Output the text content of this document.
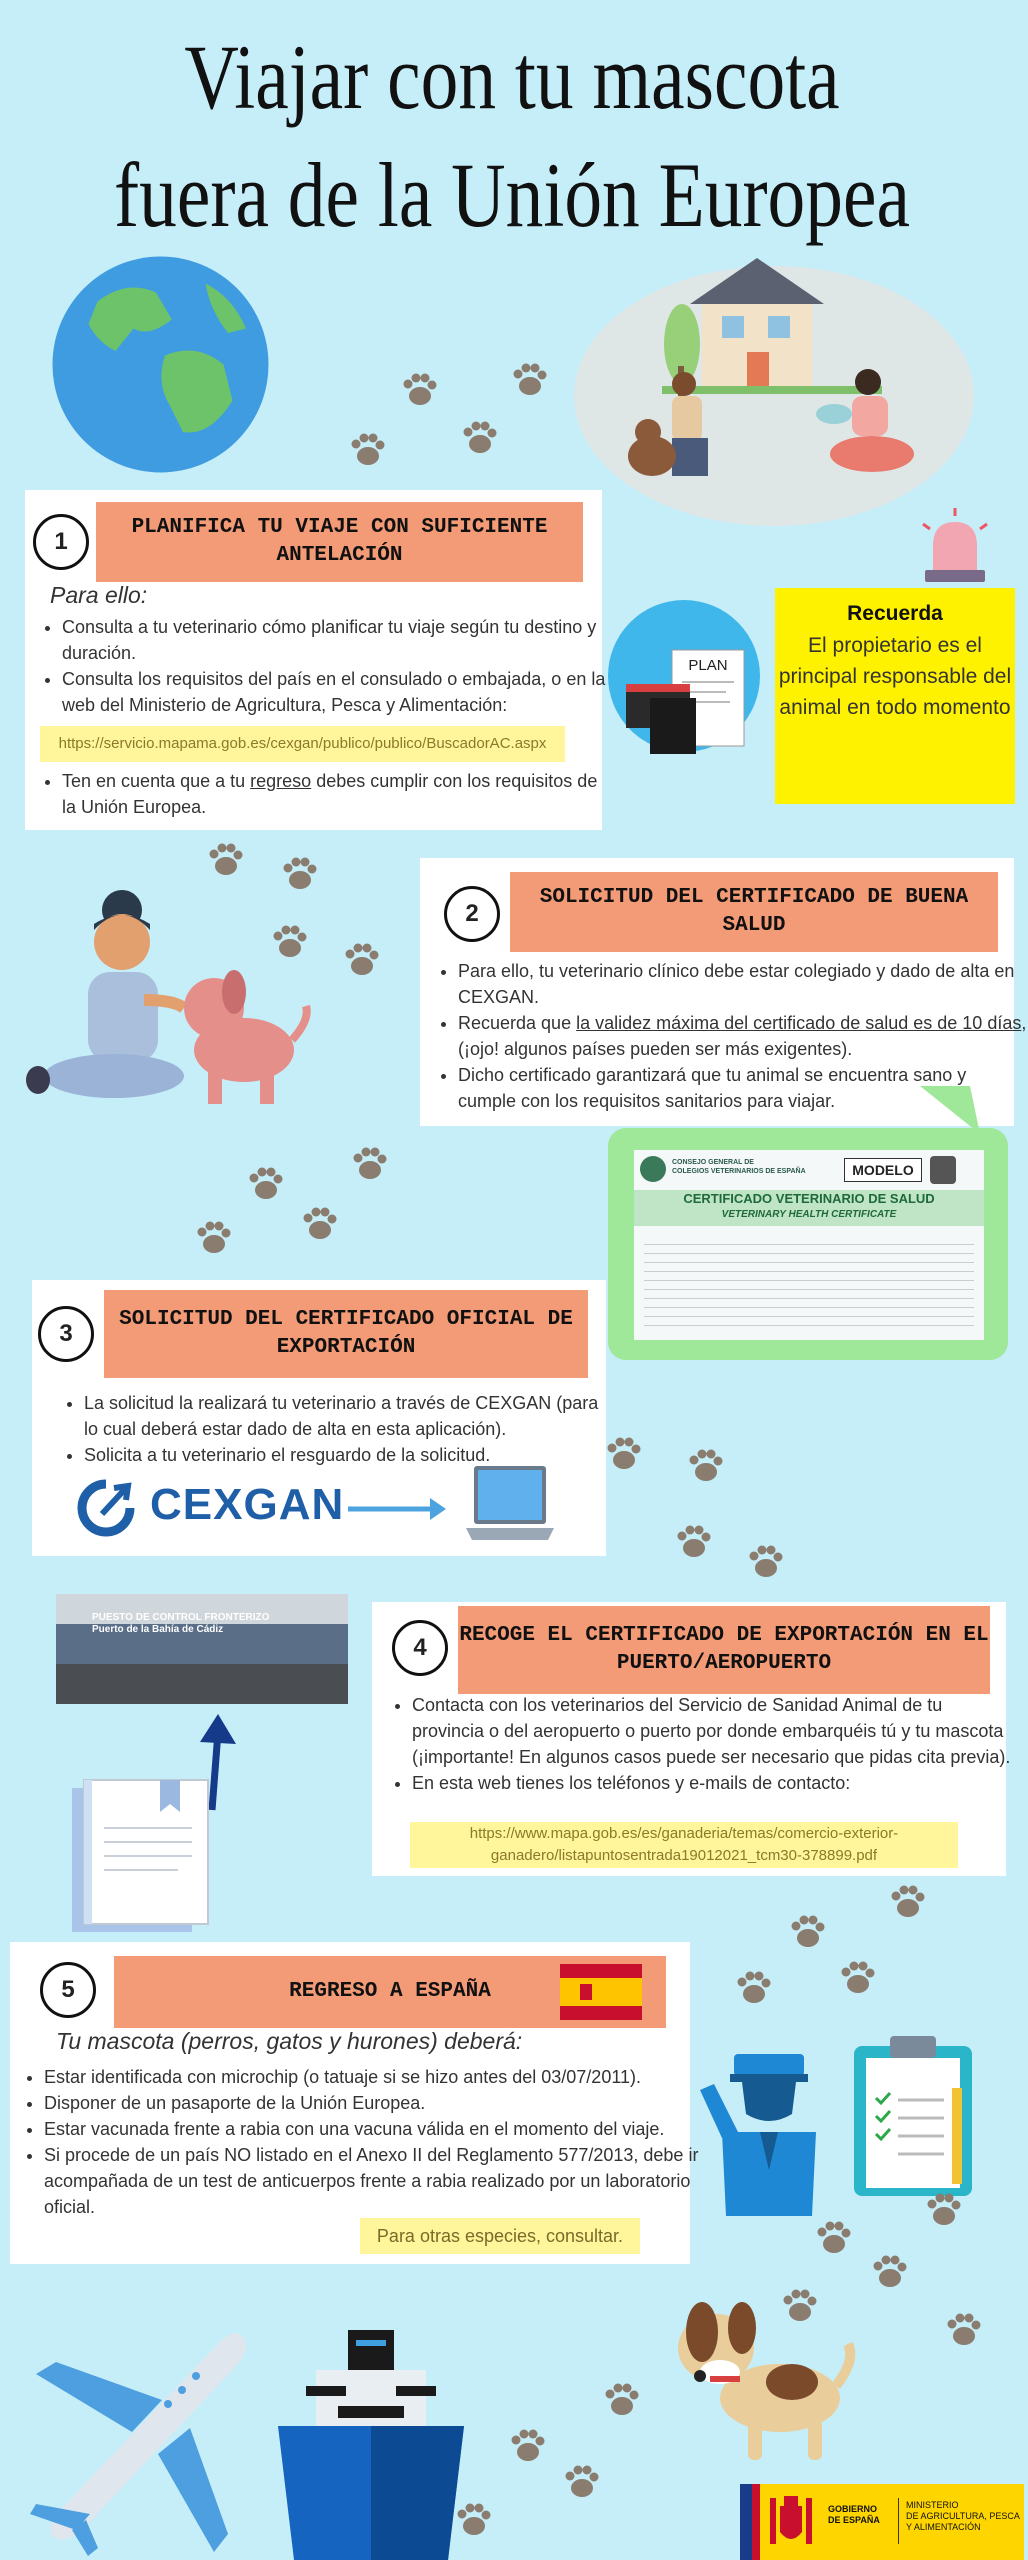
Viajar con tu mascota
fuera de la Unión Europea
1
PLANIFICA TU VIAJE CON SUFICIENTE ANTELACIÓN
Para ello:
• Consulta a tu veterinario cómo planificar tu viaje según tu destino y duración.
• Consulta los requisitos del país en el consulado o embajada, o en la web del Ministerio de Agricultura, Pesca y Alimentación:
https://servicio.mapama.gob.es/cexgan/publico/publico/BuscadorAC.aspx
• Ten en cuenta que a tu regreso debes cumplir con los requisitos de la Unión Europea.
PLAN
Recuerda
El propietario es el principal responsable del animal en todo momento
2
SOLICITUD DEL CERTIFICADO DE BUENA SALUD
• Para ello, tu veterinario clínico debe estar colegiado y dado de alta en CEXGAN.
• Recuerda que la validez máxima del certificado de salud es de 10 días, (¡ojo! algunos países pueden ser más exigentes).
• Dicho certificado garantizará que tu animal se encuentra sano y cumple con los requisitos sanitarios para viajar.
CONSEJO GENERAL DE
COLEGIOS VETERINARIOS DE ESPAÑA	MODELO
CERTIFICADO VETERINARIO DE SALUD
VETERINARY HEALTH CERTIFICATE
3
SOLICITUD DEL CERTIFICADO OFICIAL DE EXPORTACIÓN
• La solicitud la realizará tu veterinario a través de CEXGAN (para lo cual deberá estar dado de alta en esta aplicación).
• Solicita a tu veterinario el resguardo de la solicitud.
CEXGAN
PUESTO DE CONTROL FRONTERIZO
Puerto de la Bahía de Cádiz
4	RECOGE EL CERTIFICADO DE EXPORTACIÓN EN EL PUERTO/AEROPUERTO
• Contacta con los veterinarios del Servicio de Sanidad Animal de tu provincia o del aeropuerto o puerto por donde embarquéis tú y tu mascota (¡importante! En algunos casos puede ser necesario que pidas cita previa).
• En esta web tienes los teléfonos y e-mails de contacto:
https://www.mapa.gob.es/es/ganaderia/temas/comercio-exterior-ganadero/listapuntosentrada19012021_tcm30-378899.pdf
5	REGRESO A ESPAÑA
Tu mascota (perros, gatos y hurones) deberá:
• Estar identificada con microchip (o tatuaje si se hizo antes del 03/07/2011).
• Disponer de un pasaporte de la Unión Europea.
• Estar vacunada frente a rabia con una vacuna válida en el momento del viaje.
• Si procede de un país NO listado en el Anexo II del Reglamento 577/2013, debe ir acompañada de un test de anticuerpos frente a rabia realizado por un laboratorio oficial.
Para otras especies, consultar.
GOBIERNO
DE ESPAÑA
MINISTERIO
DE AGRICULTURA, PESCA
Y ALIMENTACIÓN
